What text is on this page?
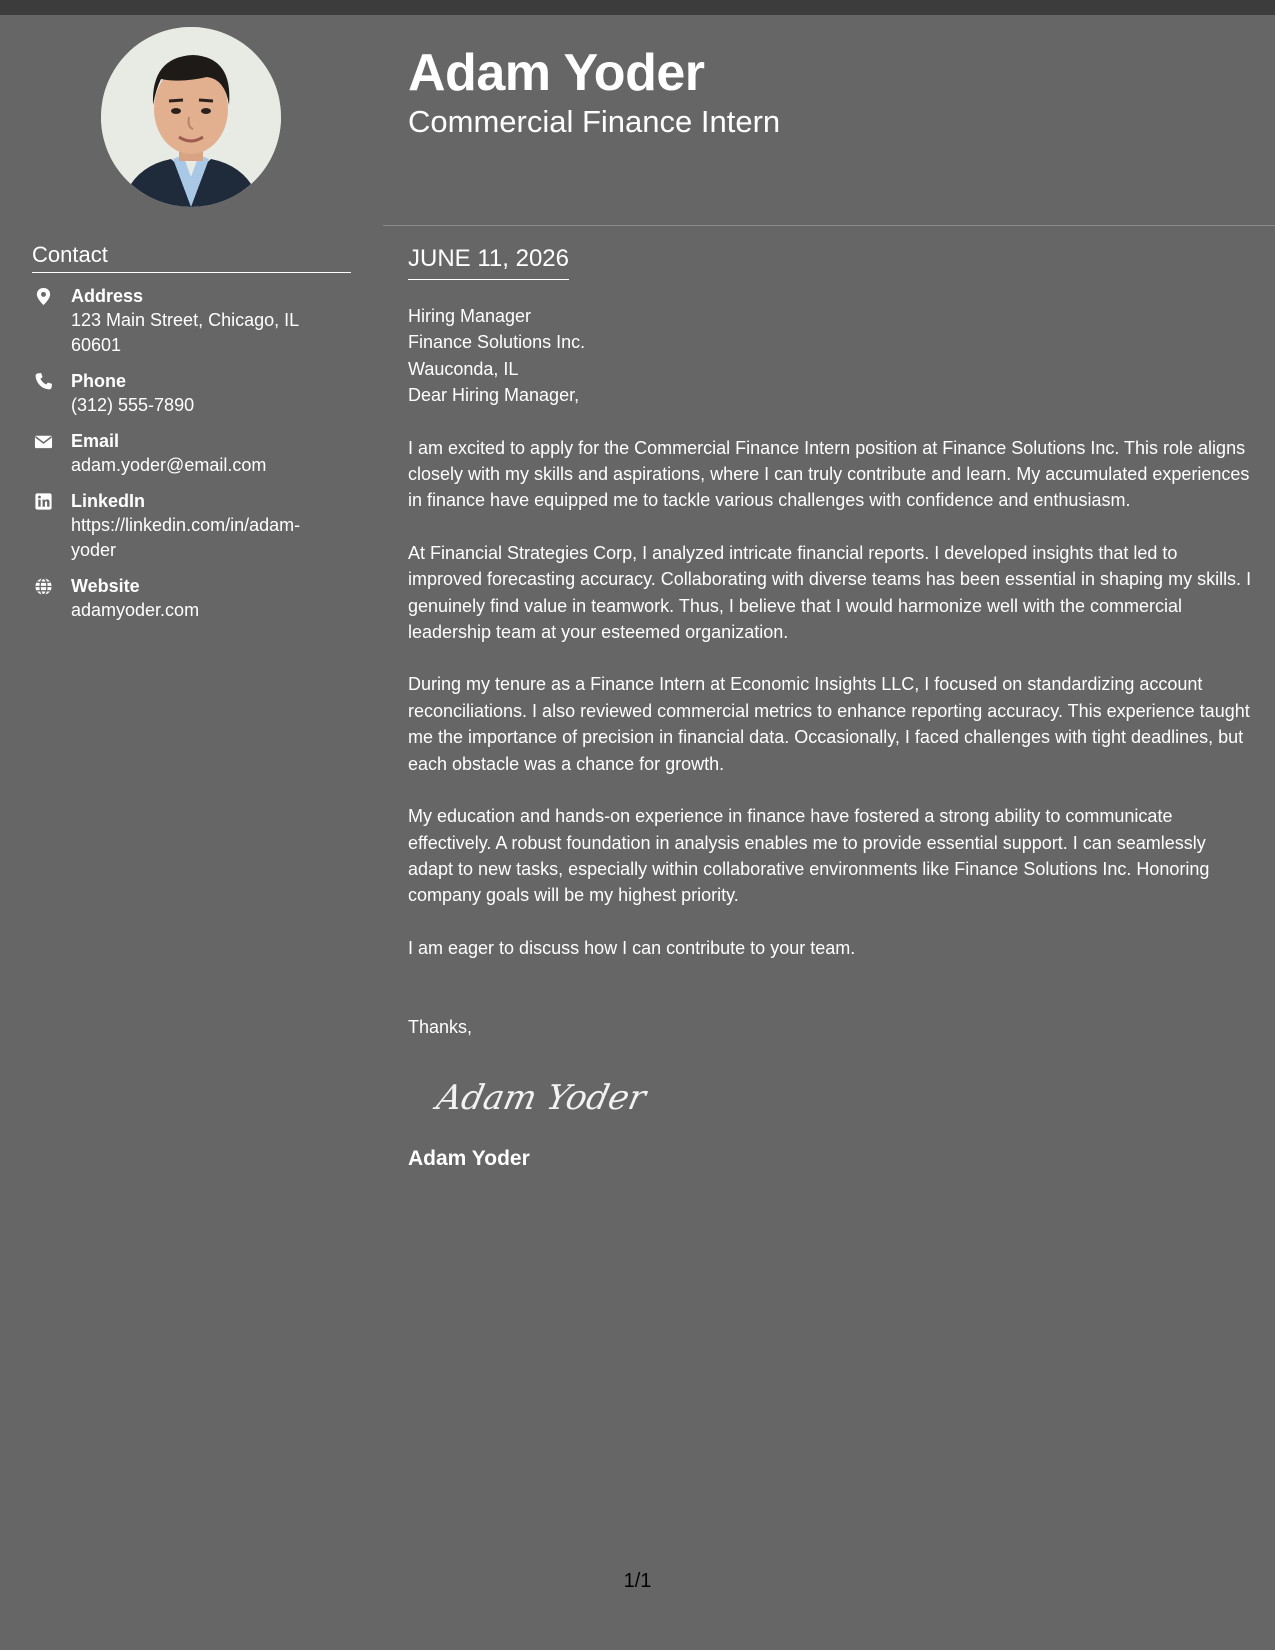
Contact
Address
123 Main Street, Chicago, IL 60601
Phone
(312) 555-7890
Email
adam.yoder@email.com
LinkedIn
https://linkedin.com/in/adam-yoder
Website
adamyoder.com
Adam Yoder
Commercial Finance Intern
JUNE 11, 2026
Hiring Manager
Finance Solutions Inc.
Wauconda, IL

Dear Hiring Manager,

I am excited to apply for the Commercial Finance Intern position at Finance Solutions Inc. This role aligns closely with my skills and aspirations, where I can truly contribute and learn. My accumulated experiences in finance have equipped me to tackle various challenges with confidence and enthusiasm.

At Financial Strategies Corp, I analyzed intricate financial reports. I developed insights that led to improved forecasting accuracy. Collaborating with diverse teams has been essential in shaping my skills. I genuinely find value in teamwork. Thus, I believe that I would harmonize well with the commercial leadership team at your esteemed organization.

During my tenure as a Finance Intern at Economic Insights LLC, I focused on standardizing account reconciliations. I also reviewed commercial metrics to enhance reporting accuracy. This experience taught me the importance of precision in financial data. Occasionally, I faced challenges with tight deadlines, but each obstacle was a chance for growth.

My education and hands-on experience in finance have fostered a strong ability to communicate effectively. A robust foundation in analysis enables me to provide essential support. I can seamlessly adapt to new tasks, especially within collaborative environments like Finance Solutions Inc. Honoring company goals will be my highest priority.

I am eager to discuss how I can contribute to your team.

Thanks,
Adam Yoder
Adam Yoder
1/1
